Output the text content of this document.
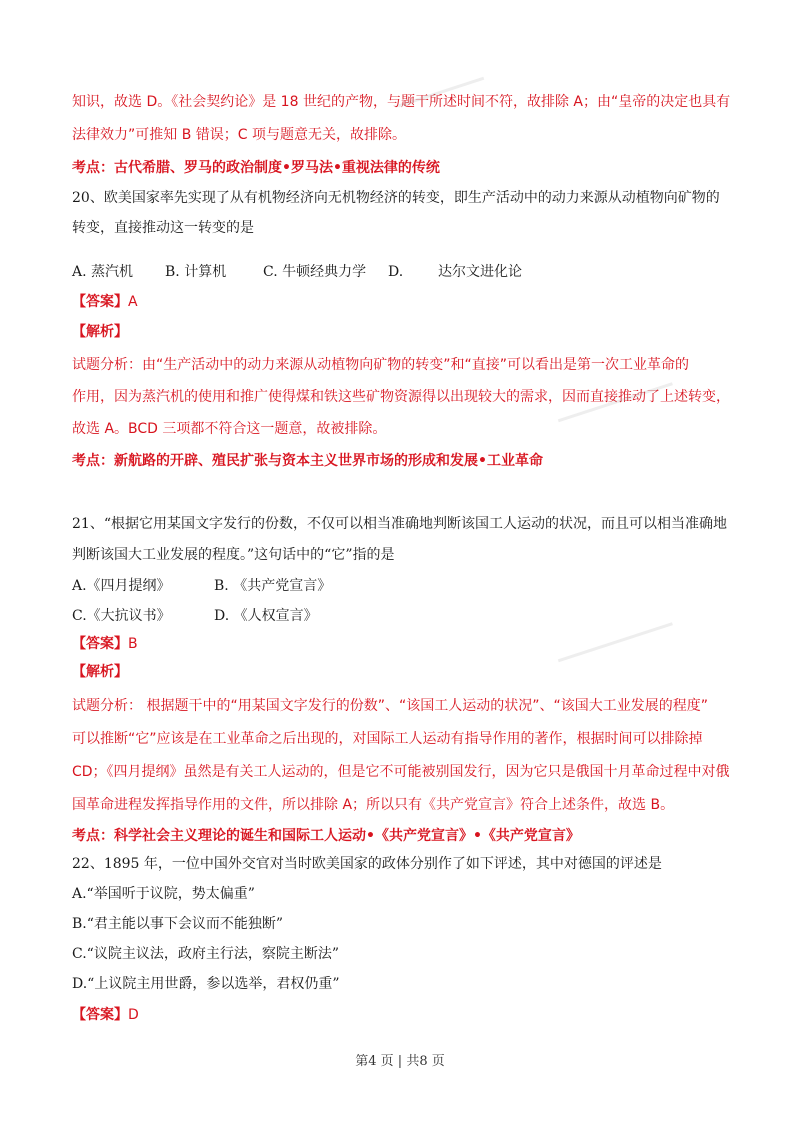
知识，故选 D。《社会契约论》是 18 世纪的产物，与题干所述时间不符，故排除 A；由“皇帝的决定也具有
法律效力”可推知 B 错误；C 项与题意无关，故排除。
考点：古代希腊、罗马的政治制度•罗马法•重视法律的传统
20、欧美国家率先实现了从有机物经济向无机物经济的转变，即生产活动中的动力来源从动植物向矿物的
转变，直接推动这一转变的是
A. 蒸汽机 B. 计算机	C. 牛顿经典力学 D. 达尔文进化论
【答案】A
【解析】
试题分析：由“生产活动中的动力来源从动植物向矿物的转变”和“直接”可以看出是第一次工业革命的
作用，因为蒸汽机的使用和推广使得煤和铁这些矿物资源得以出现较大的需求，因而直接推动了上述转变，
故选 A。BCD 三项都不符合这一题意，故被排除。
考点：新航路的开辟、殖民扩张与资本主义世界市场的形成和发展•工业革命
21、“根据它用某国文字发行的份数，不仅可以相当准确地判断该国工人运动的状况，而且可以相当准确地
判断该国大工业发展的程度。”这句话中的“它”指的是
A.《四月提纲》	B. 《共产党宣言》
C.《大抗议书》	D. 《人权宣言》
【答案】B
【解析】
试题分析： 根据题干中的“用某国文字发行的份数”、“该国工人运动的状况”、“该国大工业发展的程度”
可以推断“它”应该是在工业革命之后出现的，对国际工人运动有指导作用的著作，根据时间可以排除掉
CD；《四月提纲》虽然是有关工人运动的，但是它不可能被别国发行，因为它只是俄国十月革命过程中对俄
国革命进程发挥指导作用的文件，所以排除 A；所以只有《共产党宣言》符合上述条件，故选 B。
考点：科学社会主义理论的诞生和国际工人运动•《共产党宣言》•《共产党宣言》
22、1895 年，一位中国外交官对当时欧美国家的政体分别作了如下评述，其中对德国的评述是
A.“举国听于议院，势太偏重”
B.“君主能以事下会议而不能独断”
C.“议院主议法，政府主行法，察院主断法”
D.“上议院主用世爵，参以选举，君权仍重”
【答案】D
第4 页 | 共8 页
